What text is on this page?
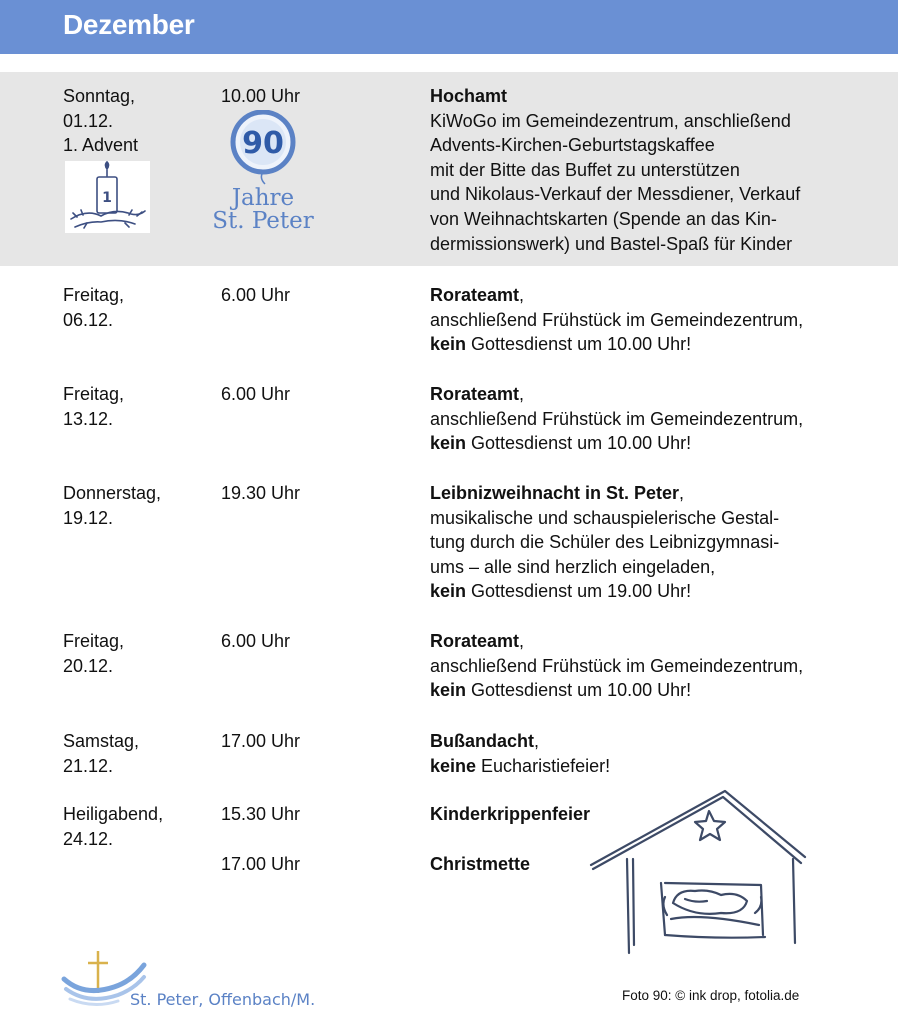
Dezember
Sonntag,
01.12.
1. Advent
10.00 Uhr	Hochamt
KiWoGo im Gemeindezentrum, anschließend
Advents-Kirchen-Geburtstagskaffee
mit der Bitte das Buffet zu unterstützen
und Nikolaus-Verkauf der Messdiener, Verkauf
von Weihnachtskarten (Spende an das Kin-
dermissionswerk) und Bastel-Spaß für Kinder
1
90
Jahre
St. Peter
Freitag,
06.12.
6.00 Uhr	Rorateamt,
anschließend Frühstück im Gemeindezentrum,
kein Gottesdienst um 10.00 Uhr!
Freitag,
13.12.
6.00 Uhr	Rorateamt,
anschließend Frühstück im Gemeindezentrum,
kein Gottesdienst um 10.00 Uhr!
Donnerstag,
19.12.
19.30 Uhr	Leibnizweihnacht in St. Peter,
musikalische und schauspielerische Gestal-
tung durch die Schüler des Leibnizgymnasi-
ums – alle sind herzlich eingeladen,
kein Gottesdienst um 19.00 Uhr!
Freitag,
20.12.
6.00 Uhr	Rorateamt,
anschließend Frühstück im Gemeindezentrum,
kein Gottesdienst um 10.00 Uhr!
Samstag,
21.12.
17.00 Uhr	Bußandacht,
keine Eucharistiefeier!
Heiligabend,
24.12.
15.30 Uhr	Kinderkrippenfeier
17.00 Uhr	Christmette
St. Peter, Offenbach/M.	Foto 90: © ink drop, fotolia.de
